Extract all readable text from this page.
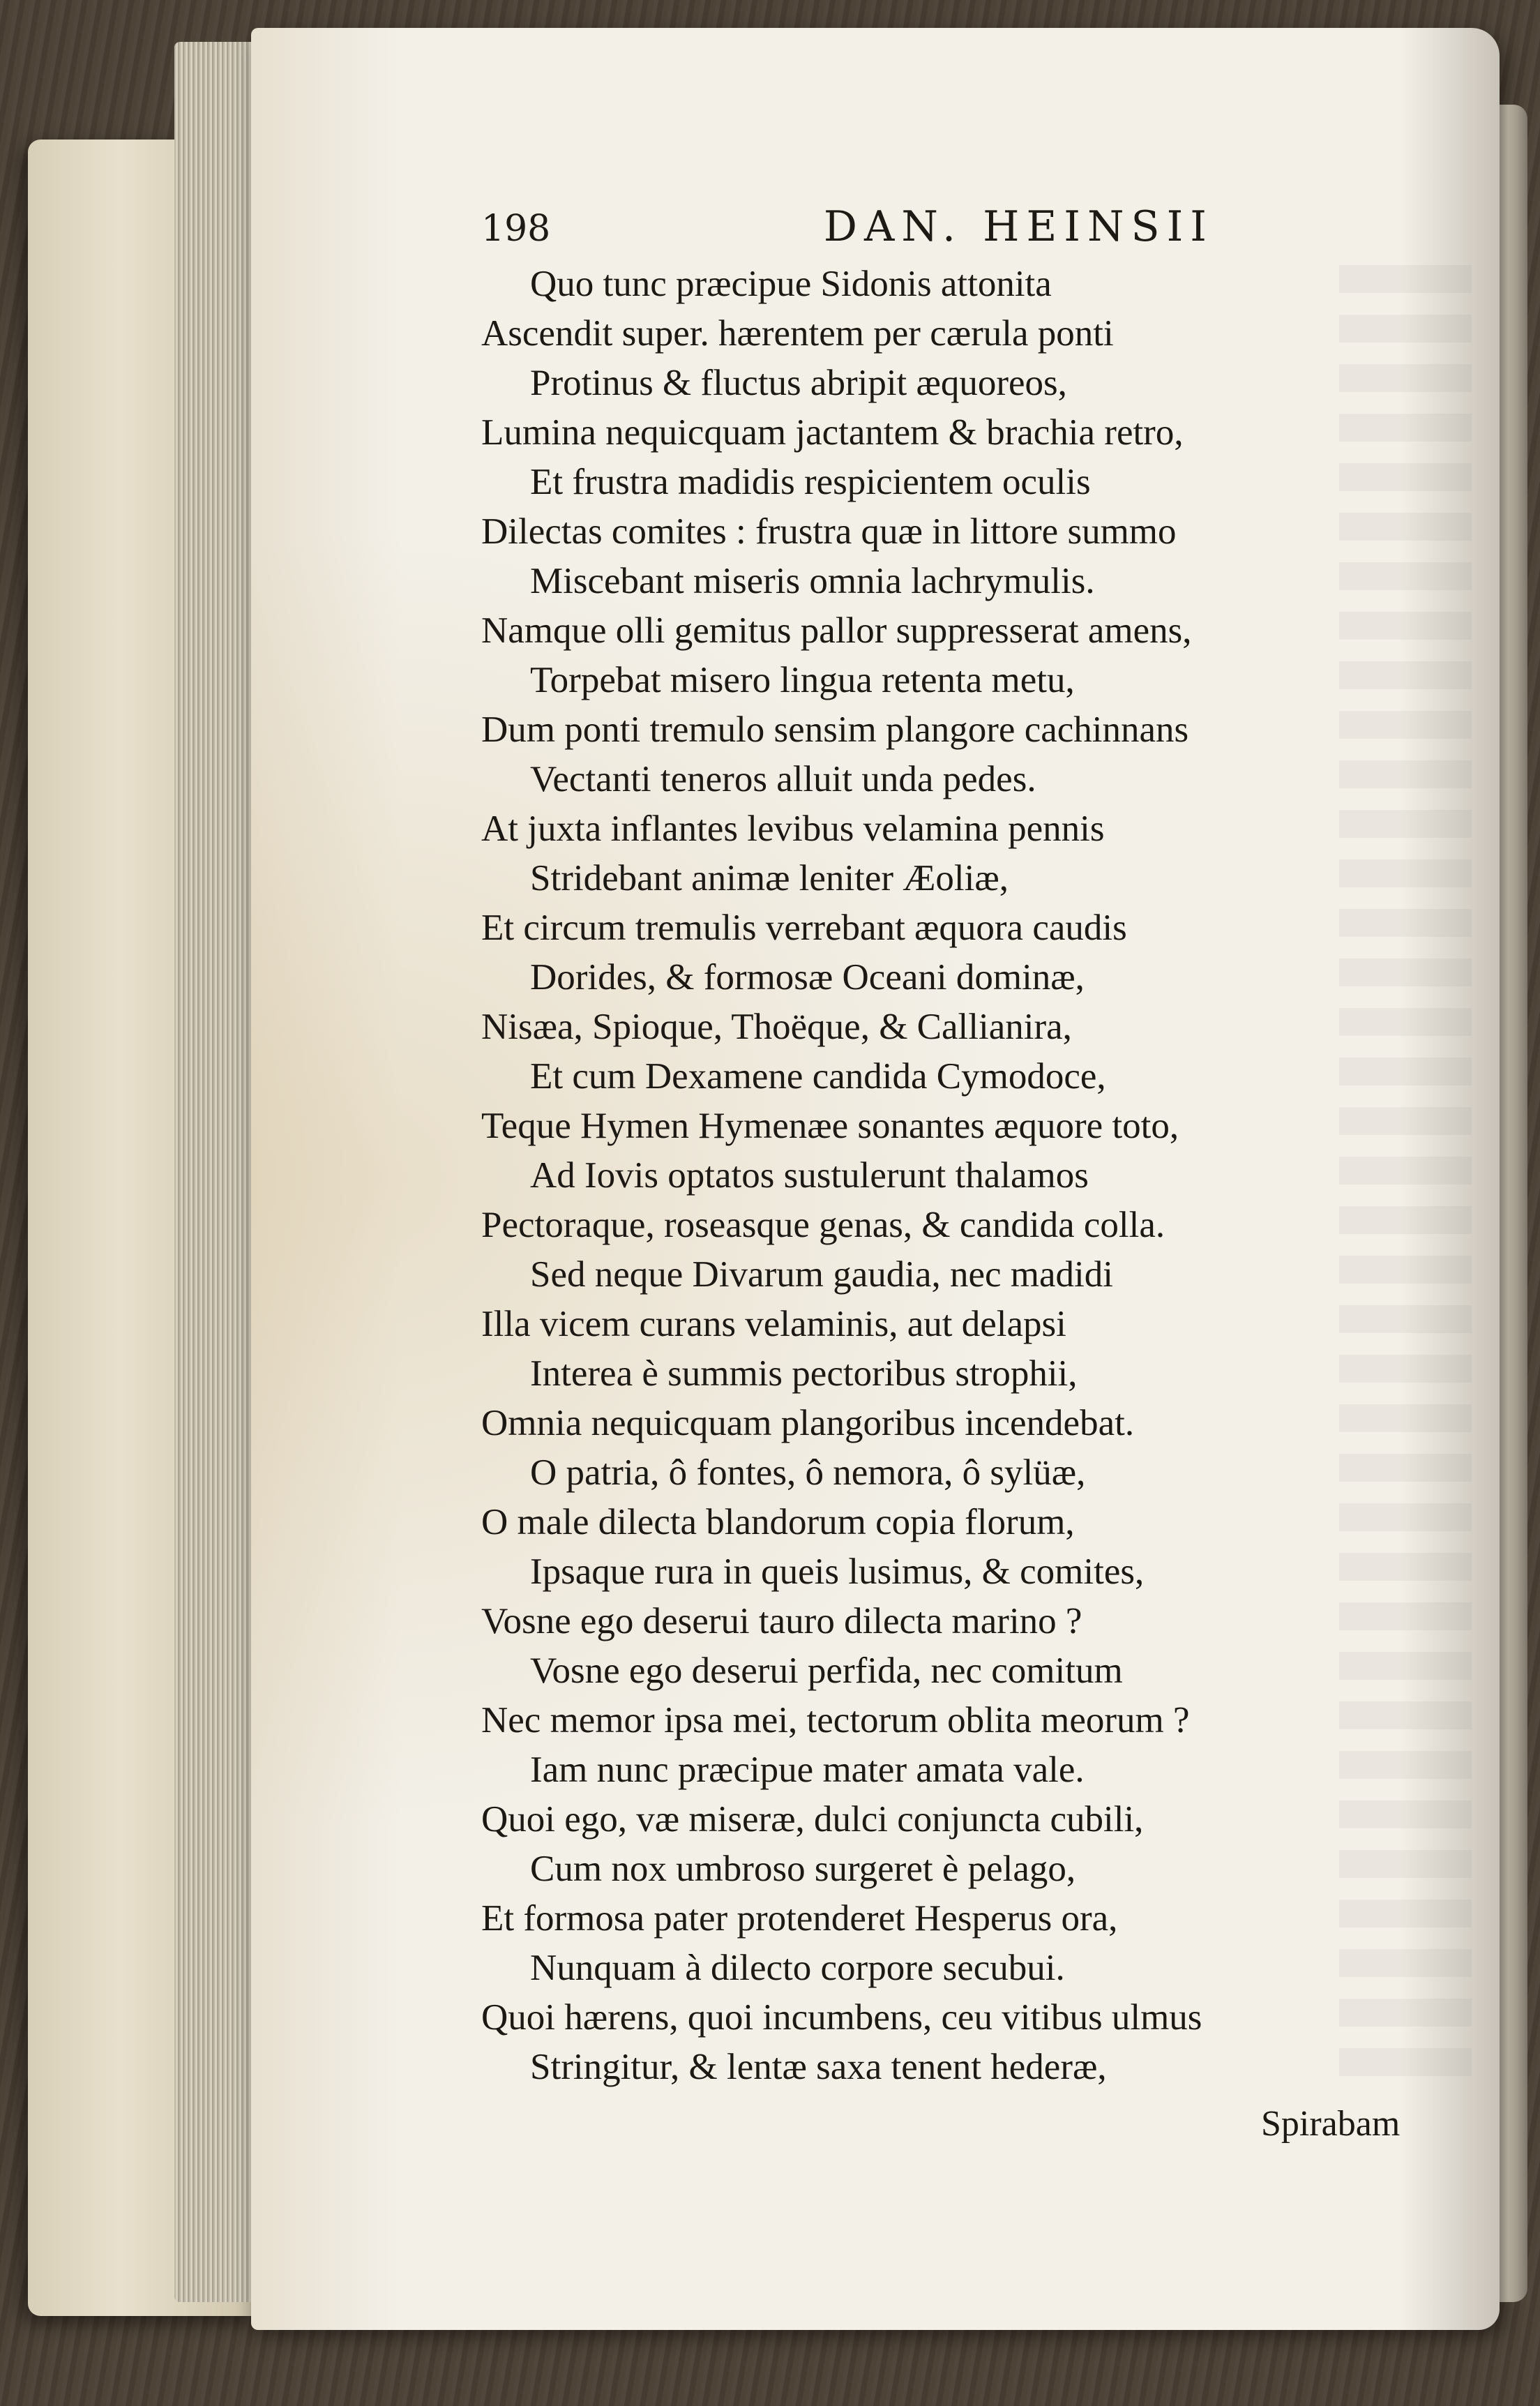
198	DAN. HEINSII
Quo tunc præcipue Sidonis attonita
Ascendit super. hærentem per cærula ponti
Protinus & fluctus abripit æquoreos,
Lumina nequicquam jactantem & brachia retro,
Et frustra madidis respicientem oculis
Dilectas comites : frustra quæ in littore summo
Miscebant miseris omnia lachrymulis.
Namque olli gemitus pallor suppresserat amens,
Torpebat misero lingua retenta metu,
Dum ponti tremulo sensim plangore cachinnans
Vectanti teneros alluit unda pedes.
At juxta inflantes levibus velamina pennis
Stridebant animæ leniter Æoliæ,
Et circum tremulis verrebant æquora caudis
Dorides, & formosæ Oceani dominæ,
Nisæa, Spioque, Thoëque, & Callianira,
Et cum Dexamene candida Cymodoce,
Teque Hymen Hymenæe sonantes æquore toto,
Ad Iovis optatos sustulerunt thalamos
Pectoraque, roseasque genas, & candida colla.
Sed neque Divarum gaudia, nec madidi
Illa vicem curans velaminis, aut delapsi
Interea è summis pectoribus strophii,
Omnia nequicquam plangoribus incendebat.
O patria, ô fontes, ô nemora, ô sylüæ,
O male dilecta blandorum copia florum,
Ipsaque rura in queis lusimus, & comites,
Vosne ego deserui tauro dilecta marino ?
Vosne ego deserui perfida, nec comitum
Nec memor ipsa mei, tectorum oblita meorum ?
Iam nunc præcipue mater amata vale.
Quoi ego, væ miseræ, dulci conjuncta cubili,
Cum nox umbroso surgeret è pelago,
Et formosa pater protenderet Hesperus ora,
Nunquam à dilecto corpore secubui.
Quoi hærens, quoi incumbens, ceu vitibus ulmus
Stringitur, & lentæ saxa tenent hederæ,
Spirabam
